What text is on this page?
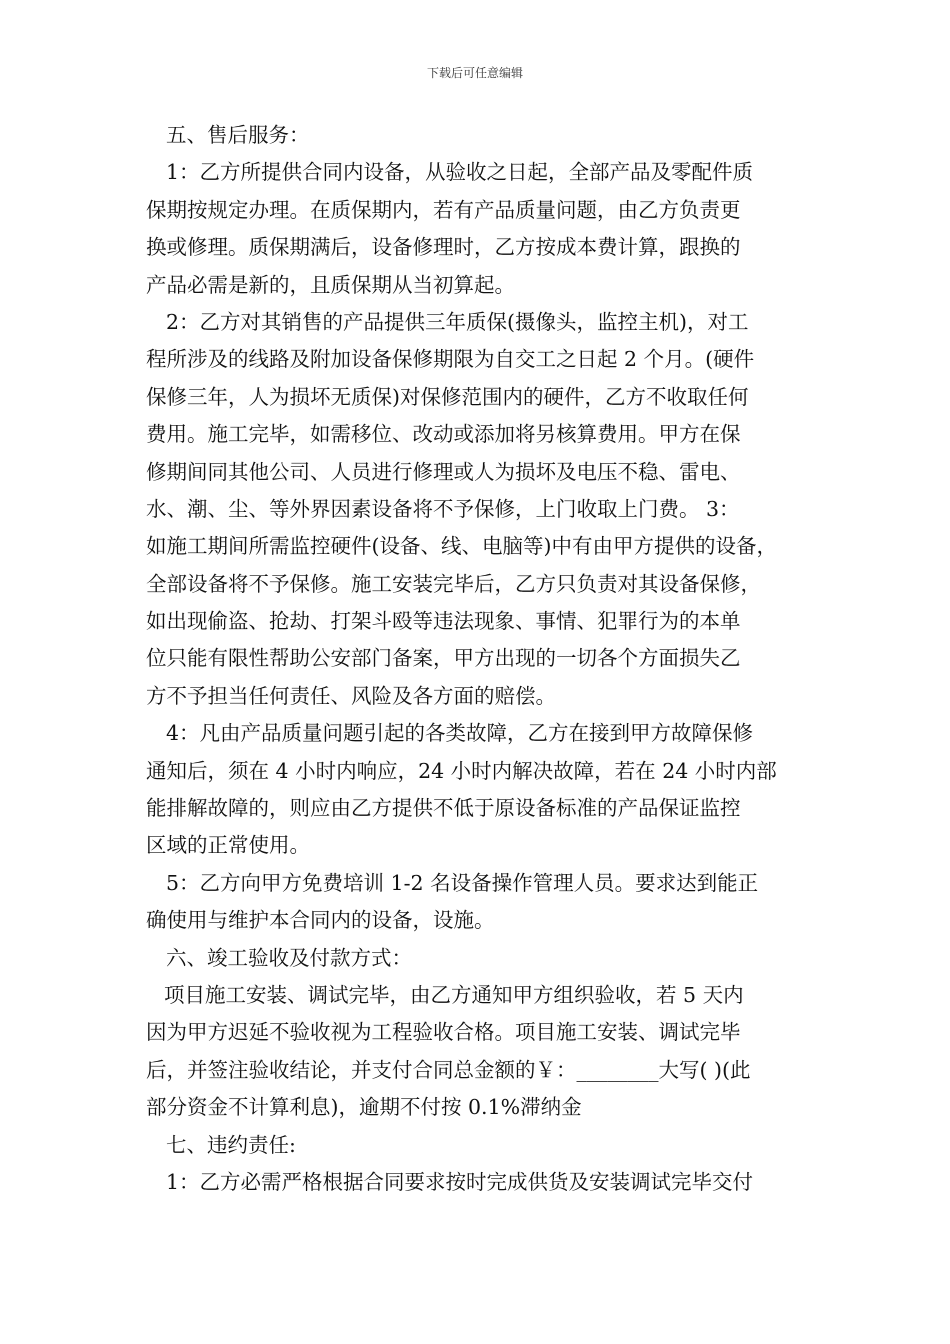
下载后可任意编辑
五、售后服务：
1：乙方所提供合同内设备，从验收之日起，全部产品及零配件质
保期按规定办理。在质保期内，若有产品质量问题，由乙方负责更
换或修理。质保期满后，设备修理时，乙方按成本费计算，跟换的
产品必需是新的，且质保期从当初算起。
2：乙方对其销售的产品提供三年质保(摄像头，监控主机)，对工
程所涉及的线路及附加设备保修期限为自交工之日起 2 个月。(硬件
保修三年，人为损坏无质保)对保修范围内的硬件，乙方不收取任何
费用。施工完毕，如需移位、改动或添加将另核算费用。甲方在保
修期间同其他公司、人员进行修理或人为损坏及电压不稳、雷电、
水、潮、尘、等外界因素设备将不予保修，上门收取上门费。 3：
如施工期间所需监控硬件(设备、线、电脑等)中有由甲方提供的设备，
全部设备将不予保修。施工安装完毕后，乙方只负责对其设备保修，
如出现偷盗、抢劫、打架斗殴等违法现象、事情、犯罪行为的本单
位只能有限性帮助公安部门备案，甲方出现的一切各个方面损失乙
方不予担当任何责任、风险及各方面的赔偿。
4：凡由产品质量问题引起的各类故障，乙方在接到甲方故障保修
通知后，须在 4 小时内响应，24 小时内解决故障，若在 24 小时内部
能排解故障的，则应由乙方提供不低于原设备标准的产品保证监控
区域的正常使用。
5：乙方向甲方免费培训 1-2 名设备操作管理人员。要求达到能正
确使用与维护本合同内的设备，设施。
六、竣工验收及付款方式：
项目施工安装、调试完毕，由乙方通知甲方组织验收，若 5 天内
因为甲方迟延不验收视为工程验收合格。项目施工安装、调试完毕
后，并签注验收结论，并支付合同总金额的￥：________大写( )(此
部分资金不计算利息)，逾期不付按 0.1%滞纳金
七、违约责任:
1：乙方必需严格根据合同要求按时完成供货及安装调试完毕交付
